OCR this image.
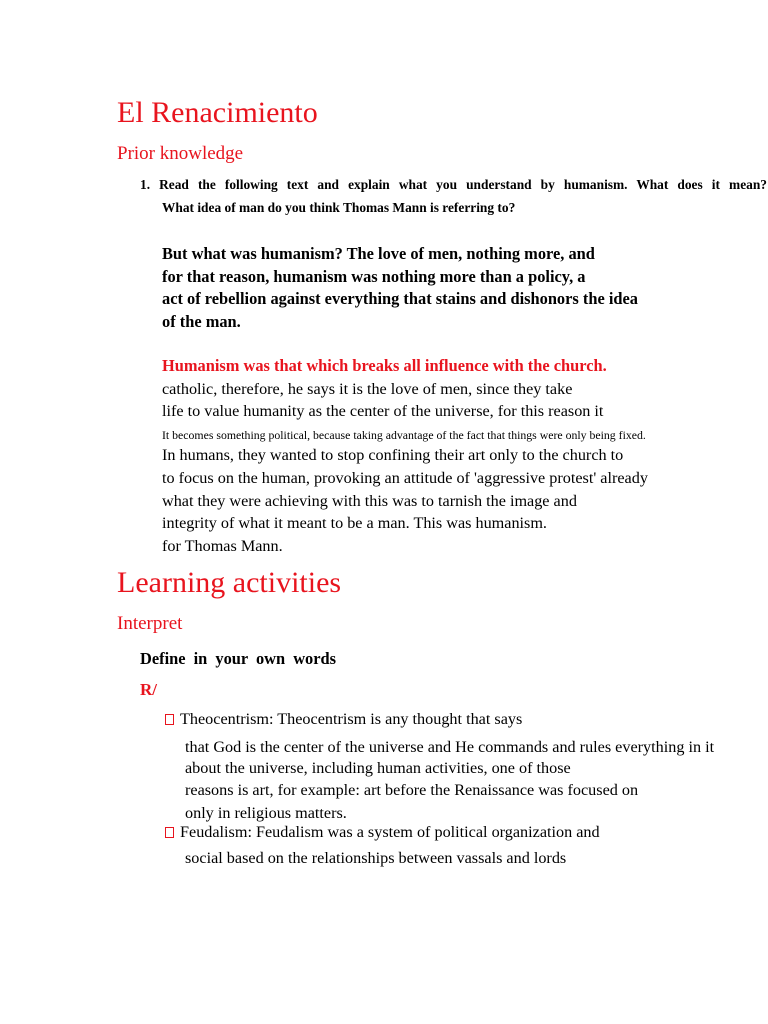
El Renacimiento
Prior knowledge
1. Read the following text and explain what you understand by humanism. What does it mean?
What idea of man do you think Thomas Mann is referring to?
But what was humanism? The love of men, nothing more, and
for that reason, humanism was nothing more than a policy, a
act of rebellion against everything that stains and dishonors the idea
of the man.
Humanism was that which breaks all influence with the church.
catholic, therefore, he says it is the love of men, since they take
life to value humanity as the center of the universe, for this reason it
It becomes something political, because taking advantage of the fact that things were only being fixed.
In humans, they wanted to stop confining their art only to the church to
to focus on the human, provoking an attitude of 'aggressive protest' already
what they were achieving with this was to tarnish the image and
integrity of what it meant to be a man. This was humanism.
for Thomas Mann.
Learning activities
Interpret
Define in your own words
R/
Theocentrism: Theocentrism is any thought that says
that God is the center of the universe and He commands and rules everything in it
about the universe, including human activities, one of those
reasons is art, for example: art before the Renaissance was focused on
only in religious matters.
Feudalism: Feudalism was a system of political organization and
social based on the relationships between vassals and lords
